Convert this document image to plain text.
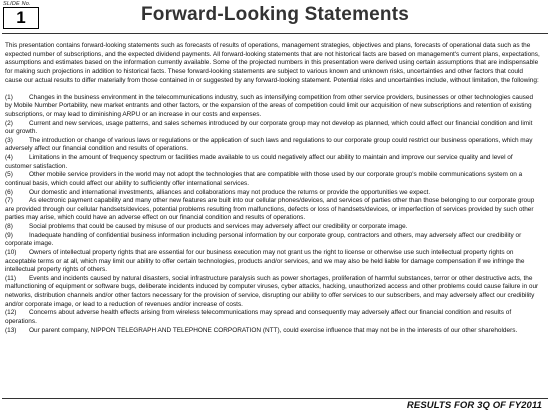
SLIDE No.
1	Forward-Looking Statements

This presentation contains forward-looking statements such as forecasts of results of operations, management strategies, objectives and plans, forecasts of operational data such as the expected number of subscriptions, and the expected dividend payments. All forward-looking statements that are not historical facts are based on management's current plans, expectations, assumptions and estimates based on the information currently available. Some of the projected numbers in this presentation were derived using certain assumptions that are indispensable for making such projections in addition to historical facts. These forward-looking statements are subject to various known and unknown risks, uncertainties and other factors that could cause our actual results to differ materially from those contained in or suggested by any forward-looking statement. Potential risks and uncertainties include, without limitation, the following:

(1)	Changes in the business environment in the telecommunications industry, such as intensifying competition from other service providers, businesses or other technologies caused by Mobile Number Portability, new market entrants and other factors, or the expansion of the areas of competition could limit our acquisition of new subscriptions and retention of existing subscriptions, or may lead to diminishing ARPU or an increase in our costs and expenses.
(2)	Current and new services, usage patterns, and sales schemes introduced by our corporate group may not develop as planned, which could affect our financial condition and limit our growth.
(3)	The introduction or change of various laws or regulations or the application of such laws and regulations to our corporate group could restrict our business operations, which may adversely affect our financial condition and results of operations.
(4)	Limitations in the amount of frequency spectrum or facilities made available to us could negatively affect our ability to maintain and improve our service quality and level of customer satisfaction.
(5)	Other mobile service providers in the world may not adopt the technologies that are compatible with those used by our corporate group's mobile communications system on a continual basis, which could affect our ability to sufficiently offer international services.
(6)	Our domestic and international investments, alliances and collaborations may not produce the returns or provide the opportunities we expect.
(7)	As electronic payment capability and many other new features are built into our cellular phones/devices, and services of parties other than those belonging to our corporate group are provided through our cellular handsets/devices, potential problems resulting from malfunctions, defects or loss of handsets/devices, or imperfection of services provided by such other parties may arise, which could have an adverse effect on our financial condition and results of operations.
(8)	Social problems that could be caused by misuse of our products and services may adversely affect our credibility or corporate image.
(9)	Inadequate handling of confidential business information including personal information by our corporate group, contractors and others, may adversely affect our credibility or corporate image.
(10) Owners of intellectual property rights that are essential for our business execution may not grant us the right to license or otherwise use such intellectual property rights on acceptable terms or at all, which may limit our ability to offer certain technologies, products and/or services, and we may also be held liable for damage compensation if we infringe the intellectual property rights of others.
(11) Events and incidents caused by natural disasters, social infrastructure paralysis such as power shortages, proliferation of harmful substances, terror or other destructive acts, the malfunctioning of equipment or software bugs, deliberate incidents induced by computer viruses, cyber attacks, hacking, unauthorized access and other problems could cause failure in our networks, distribution channels and/or other factors necessary for the provision of service, disrupting our ability to offer services to our subscribers, and may adversely affect our credibility and/or corporate image, or lead to a reduction of revenues and/or increase of costs.
(12) Concerns about adverse health effects arising from wireless telecommunications may spread and consequently may adversely affect our financial condition and results of operations.
(13) Our parent company, NIPPON TELEGRAPH AND TELEPHONE CORPORATION (NTT), could exercise influence that may not be in the interests of our other shareholders.
RESULTS FOR 3Q OF FY2011
